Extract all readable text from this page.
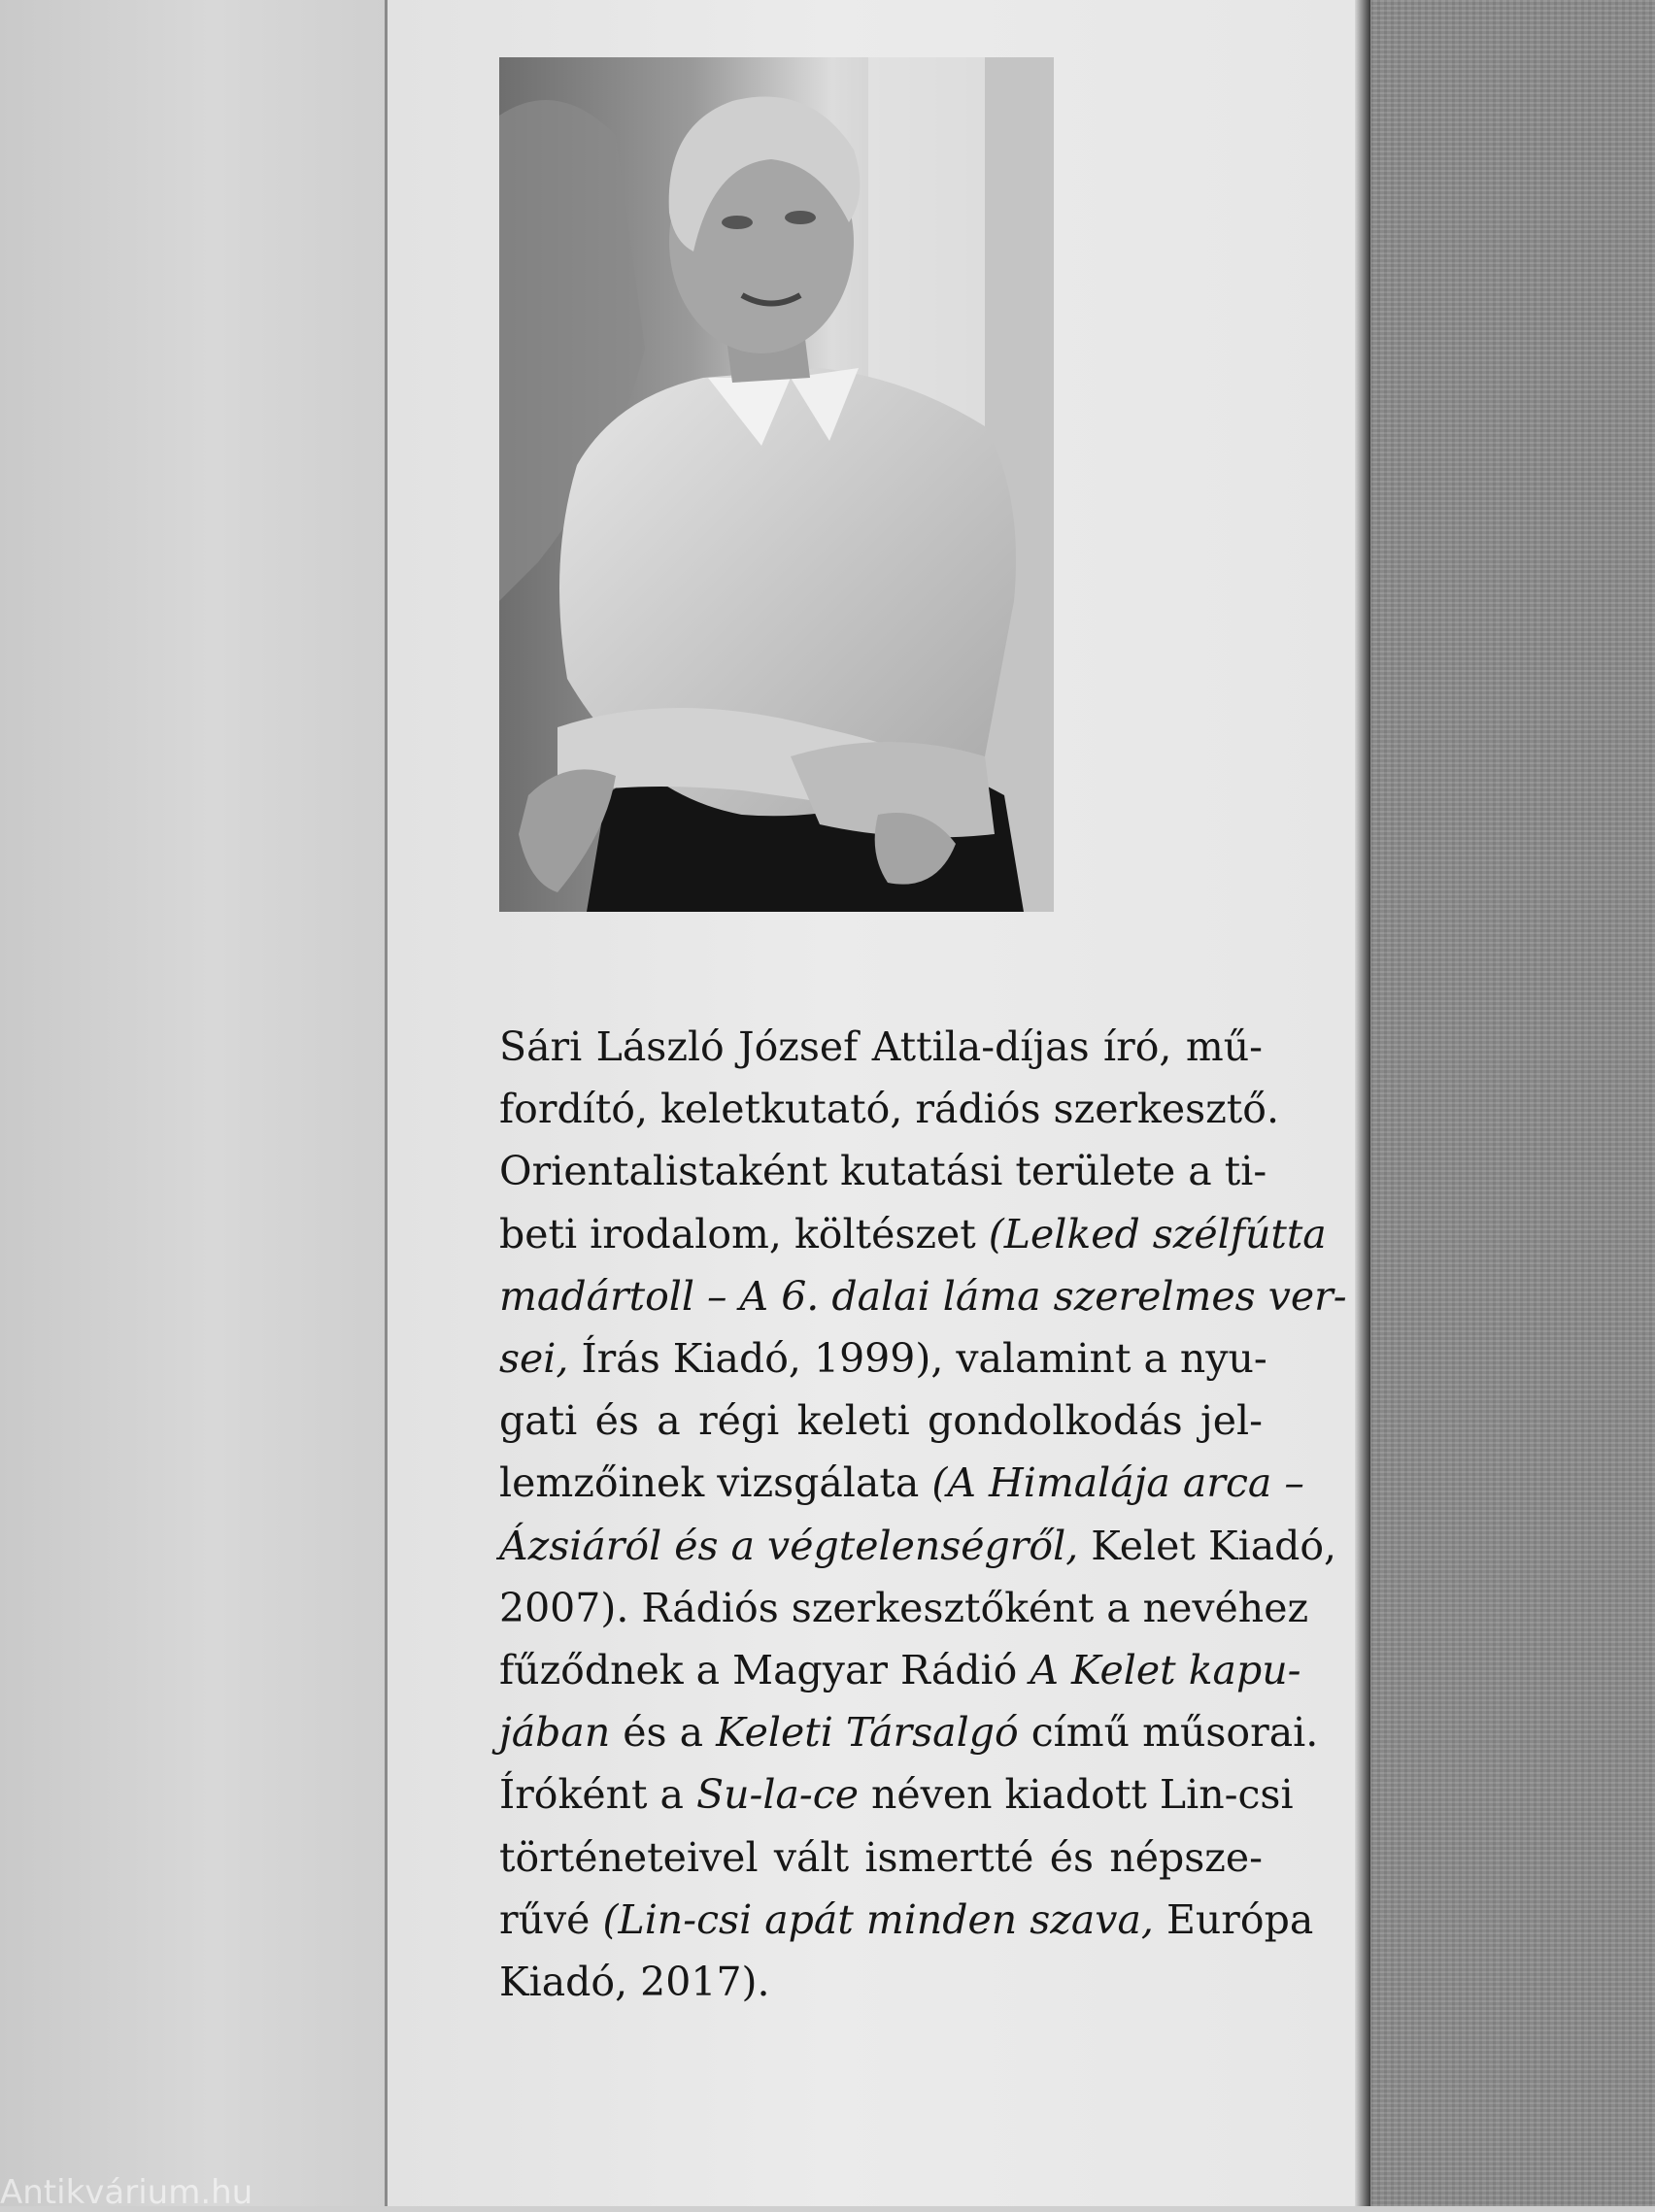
Sári László József Attila-díjas író, mű-
fordító, keletkutató, rádiós szerkesztő.
Orientalistaként kutatási területe a ti-
beti irodalom, költészet (Lelked szélfútta
madártoll – A 6. dalai láma szerelmes ver-
sei, Írás Kiadó, 1999), valamint a nyu-
gati és a régi keleti gondolkodás jel-
lemzőinek vizsgálata (A Himalája arca –
Ázsiáról és a végtelenségről, Kelet Kiadó,
2007). Rádiós szerkesztőként a nevéhez
fűződnek a Magyar Rádió A Kelet kapu-
jában és a Keleti Társalgó című műsorai.
Íróként a Su-la-ce néven kiadott Lin-csi
történeteivel vált ismertté és népsze-
rűvé (Lin-csi apát minden szava, Európa
Kiadó, 2017).
Antikvárium.hu
